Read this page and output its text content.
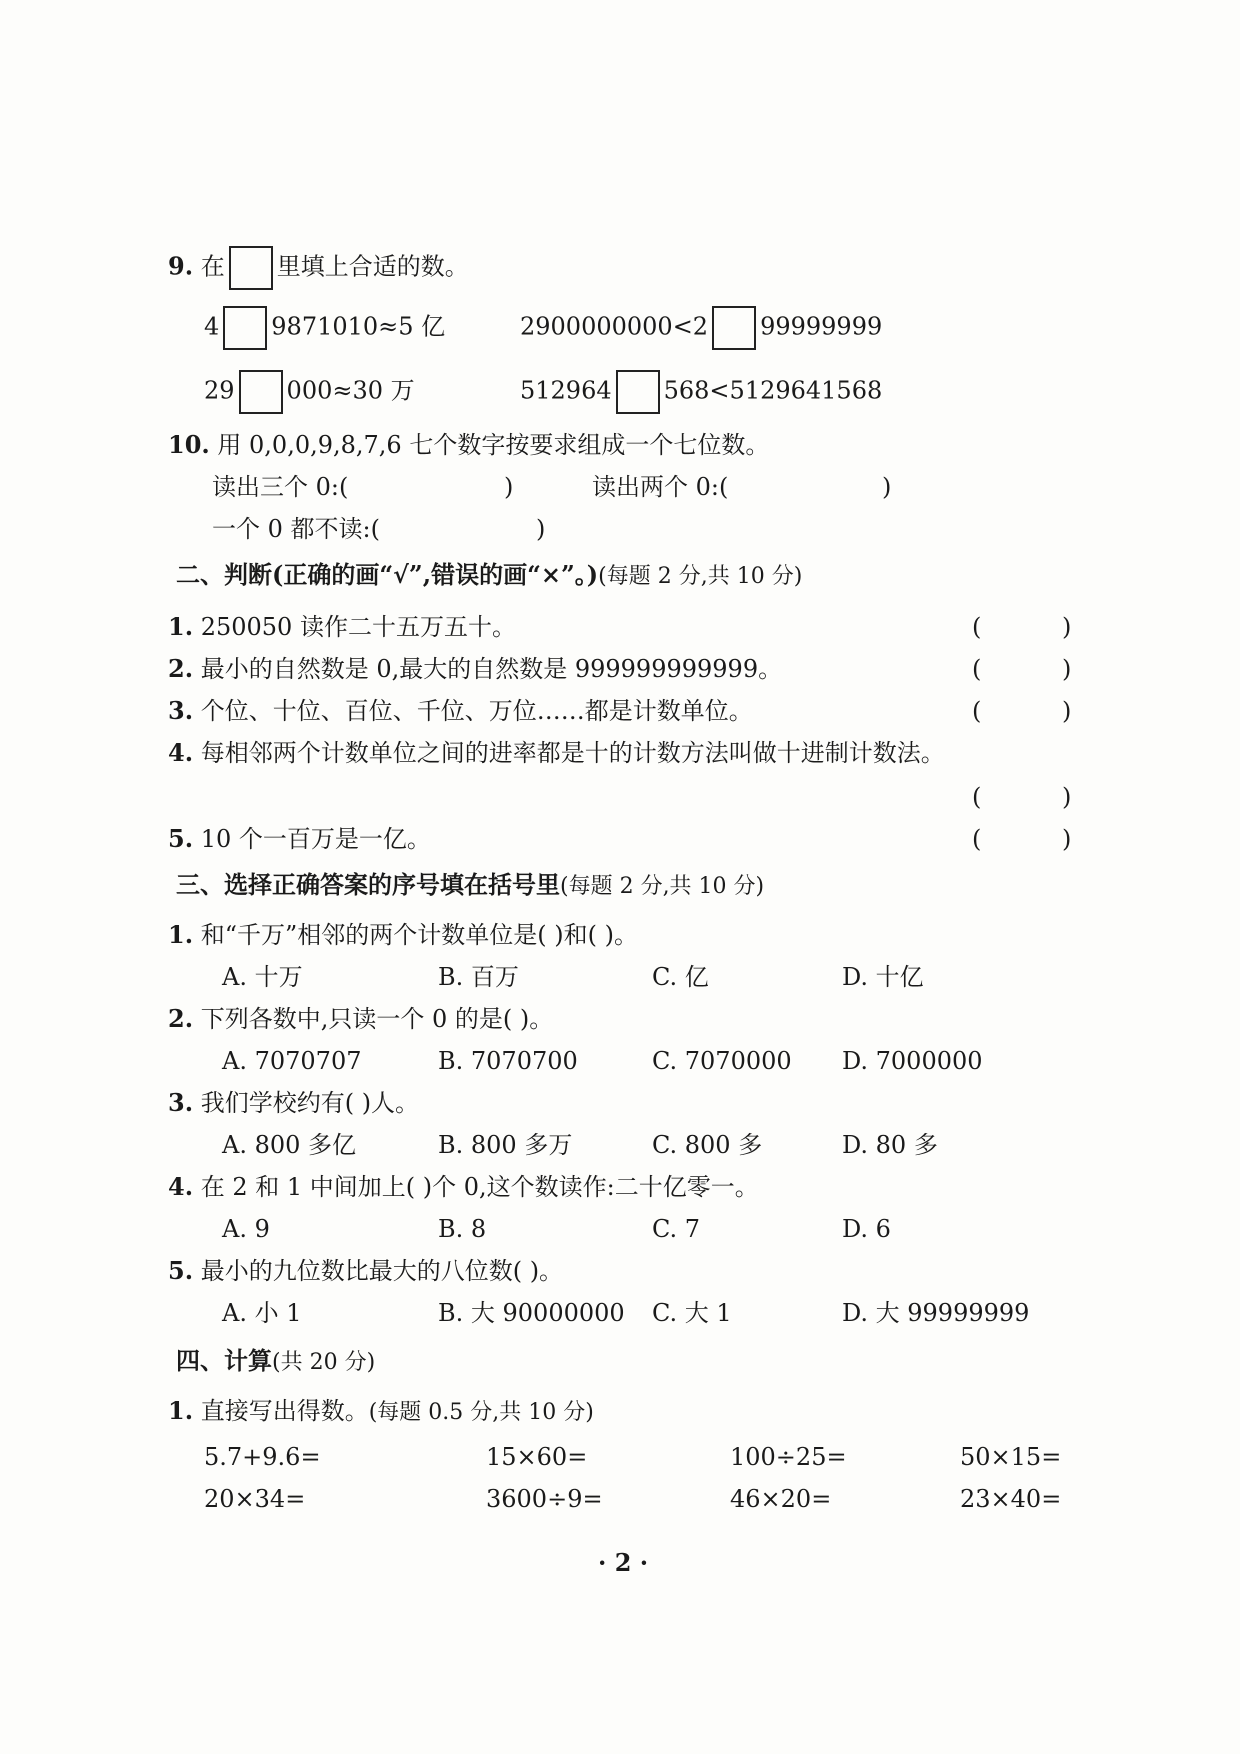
9. 在 里填上合适的数。
4 9871010≈5 亿	2900000000<2 99999999
29 000≈30 万	512964 568<5129641568
10. 用 0,0,0,9,8,7,6 七个数字按要求组成一个七位数。
读出三个 0:(	)	读出两个 0:(	)
一个 0 都不读:(	)
二、判断(正确的画“√”,错误的画“×”。)(每题 2 分,共 10 分)
1. 250050 读作二十五万五十。	(	)
2. 最小的自然数是 0,最大的自然数是 999999999999。	(	)
3. 个位、十位、百位、千位、万位……都是计数单位。	(	)
4. 每相邻两个计数单位之间的进率都是十的计数方法叫做十进制计数法。
(	)
5. 10 个一百万是一亿。	(	)
三、选择正确答案的序号填在括号里(每题 2 分,共 10 分)
1. 和“千万”相邻的两个计数单位是( )和( )。
A. 十万	B. 百万	C. 亿	D. 十亿
2. 下列各数中,只读一个 0 的是( )。
A. 7070707	B. 7070700	C. 7070000 D. 7000000
3. 我们学校约有( )人。
A. 800 多亿	B. 800 多万	C. 800 多	D. 80 多
4. 在 2 和 1 中间加上( )个 0,这个数读作:二十亿零一。
A. 9	B. 8	C. 7	D. 6
5. 最小的九位数比最大的八位数( )。
A. 小 1	B. 大 90000000 C. 大 1	D. 大 99999999
四、计算(共 20 分)
1. 直接写出得数。(每题 0.5 分,共 10 分)
5.7+9.6=	15×60=	100÷25=	50×15=
20×34=	3600÷9=	46×20=	23×40=
· 2 ·
